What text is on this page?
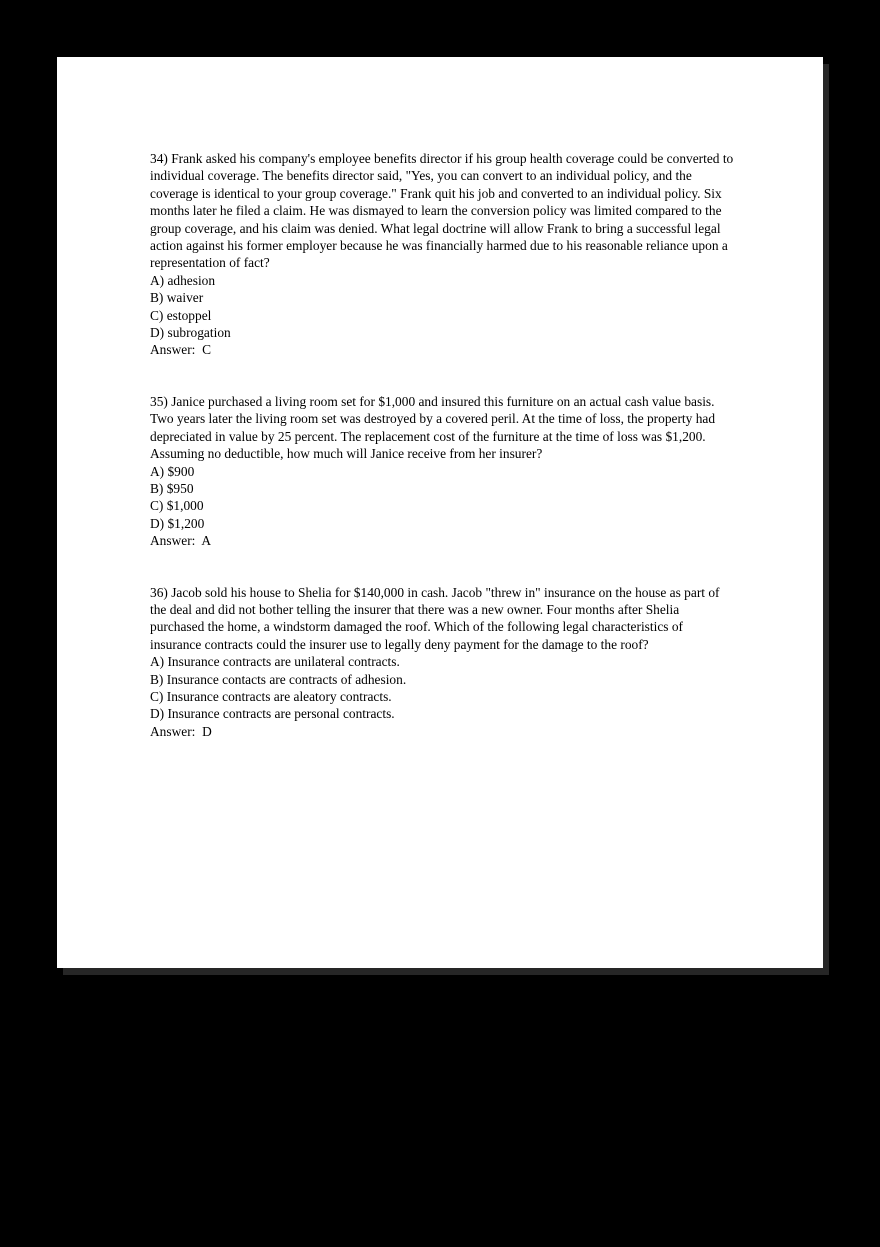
34) Frank asked his company's employee benefits director if his group health coverage could be converted to individual coverage. The benefits director said, "Yes, you can convert to an individual policy, and the coverage is identical to your group coverage." Frank quit his job and converted to an individual policy. Six months later he filed a claim. He was dismayed to learn the conversion policy was limited compared to the group coverage, and his claim was denied. What legal doctrine will allow Frank to bring a successful legal action against his former employer because he was financially harmed due to his reasonable reliance upon a representation of fact?
A) adhesion
B) waiver
C) estoppel
D) subrogation
Answer:  C
35) Janice purchased a living room set for $1,000 and insured this furniture on an actual cash value basis. Two years later the living room set was destroyed by a covered peril. At the time of loss, the property had depreciated in value by 25 percent. The replacement cost of the furniture at the time of loss was $1,200. Assuming no deductible, how much will Janice receive from her insurer?
A) $900
B) $950
C) $1,000
D) $1,200
Answer:  A
36) Jacob sold his house to Shelia for $140,000 in cash. Jacob "threw in" insurance on the house as part of the deal and did not bother telling the insurer that there was a new owner. Four months after Shelia purchased the home, a windstorm damaged the roof. Which of the following legal characteristics of insurance contracts could the insurer use to legally deny payment for the damage to the roof?
A) Insurance contracts are unilateral contracts.
B) Insurance contacts are contracts of adhesion.
C) Insurance contracts are aleatory contracts.
D) Insurance contracts are personal contracts.
Answer:  D
